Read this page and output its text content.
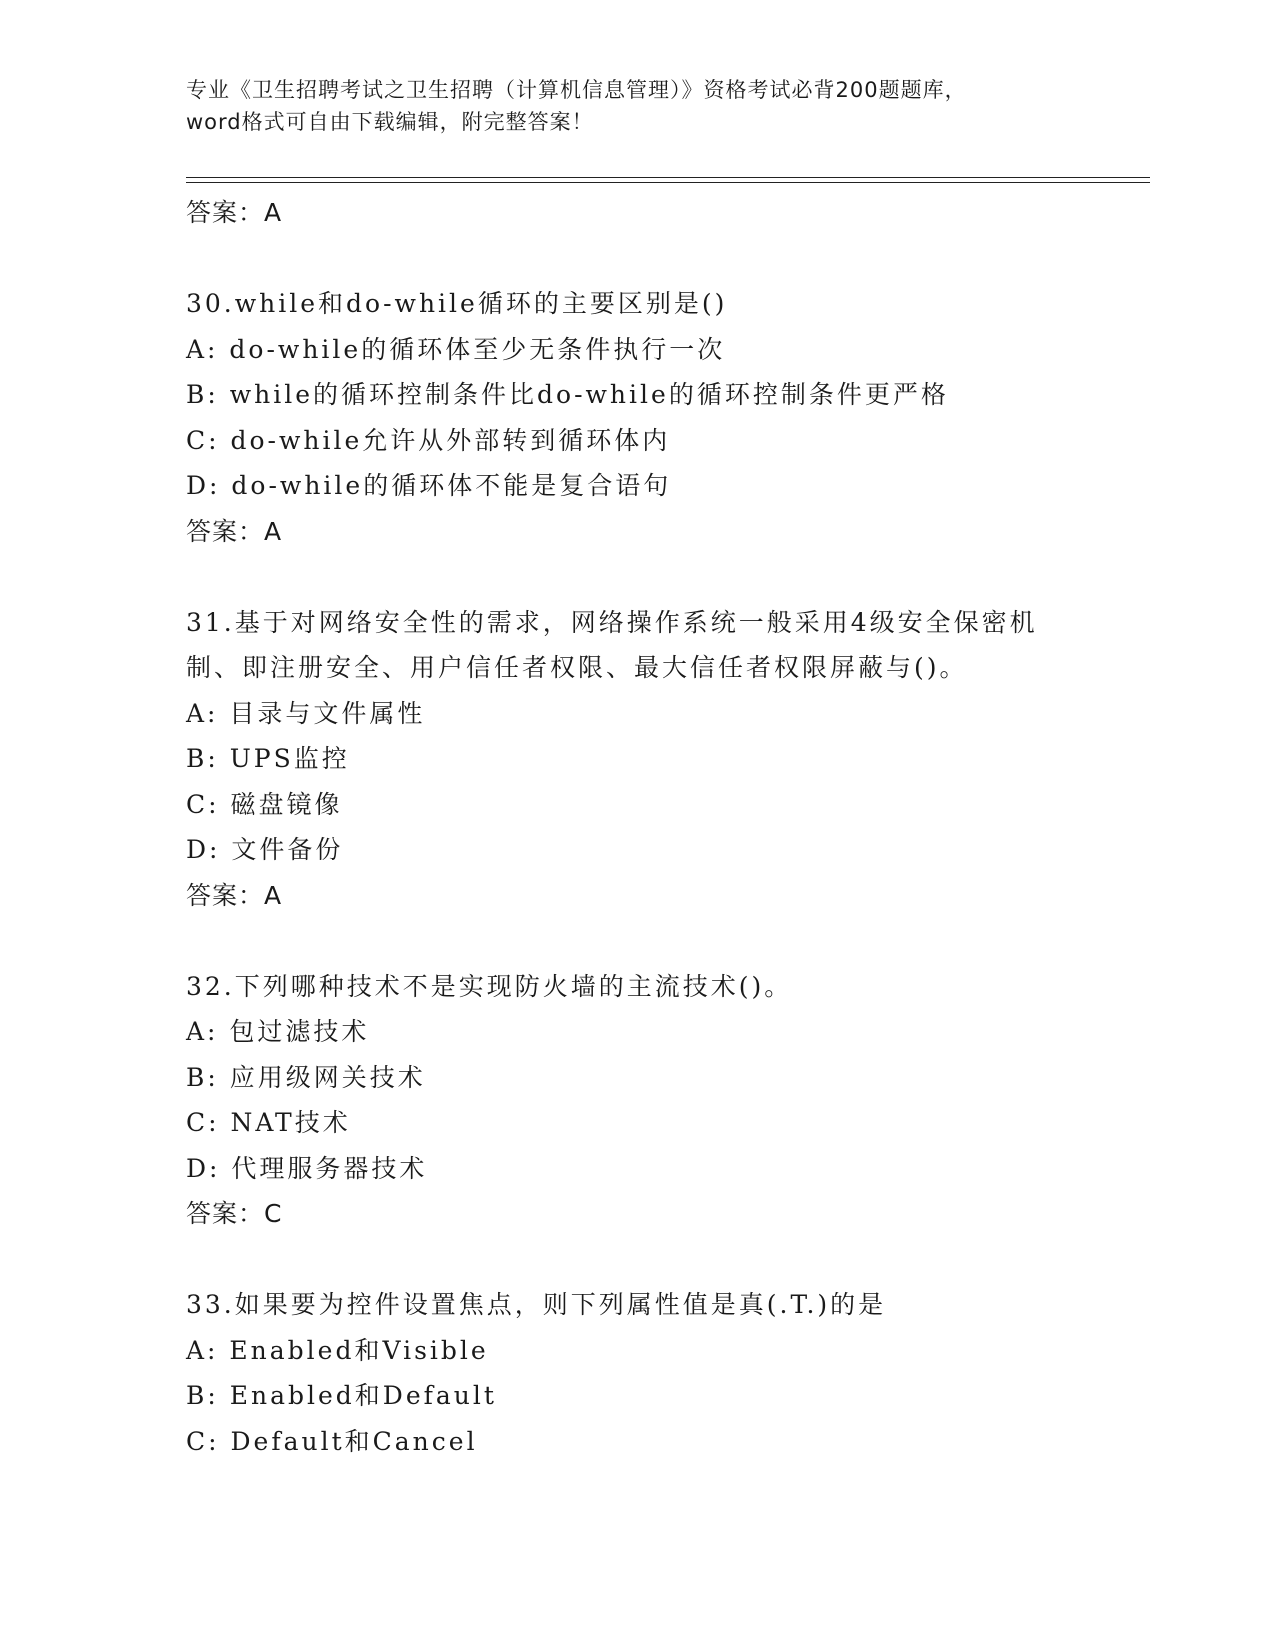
专业《卫生招聘考试之卫生招聘（计算机信息管理）》资格考试必背200题题库，
word格式可自由下载编辑，附完整答案！
答案：A
30.while和do-while循环的主要区别是()
A: do-while的循环体至少无条件执行一次
B: while的循环控制条件比do-while的循环控制条件更严格
C: do-while允许从外部转到循环体内
D: do-while的循环体不能是复合语句
答案：A
31.基于对网络安全性的需求，网络操作系统一般采用4级安全保密机
制、即注册安全、用户信任者权限、最大信任者权限屏蔽与()。
A: 目录与文件属性
B: UPS监控
C: 磁盘镜像
D: 文件备份
答案：A
32.下列哪种技术不是实现防火墙的主流技术()。
A: 包过滤技术
B: 应用级网关技术
C: NAT技术
D: 代理服务器技术
答案：C
33.如果要为控件设置焦点，则下列属性值是真(.T.)的是
A: Enabled和Visible
B: Enabled和Default
C: Default和Cancel
